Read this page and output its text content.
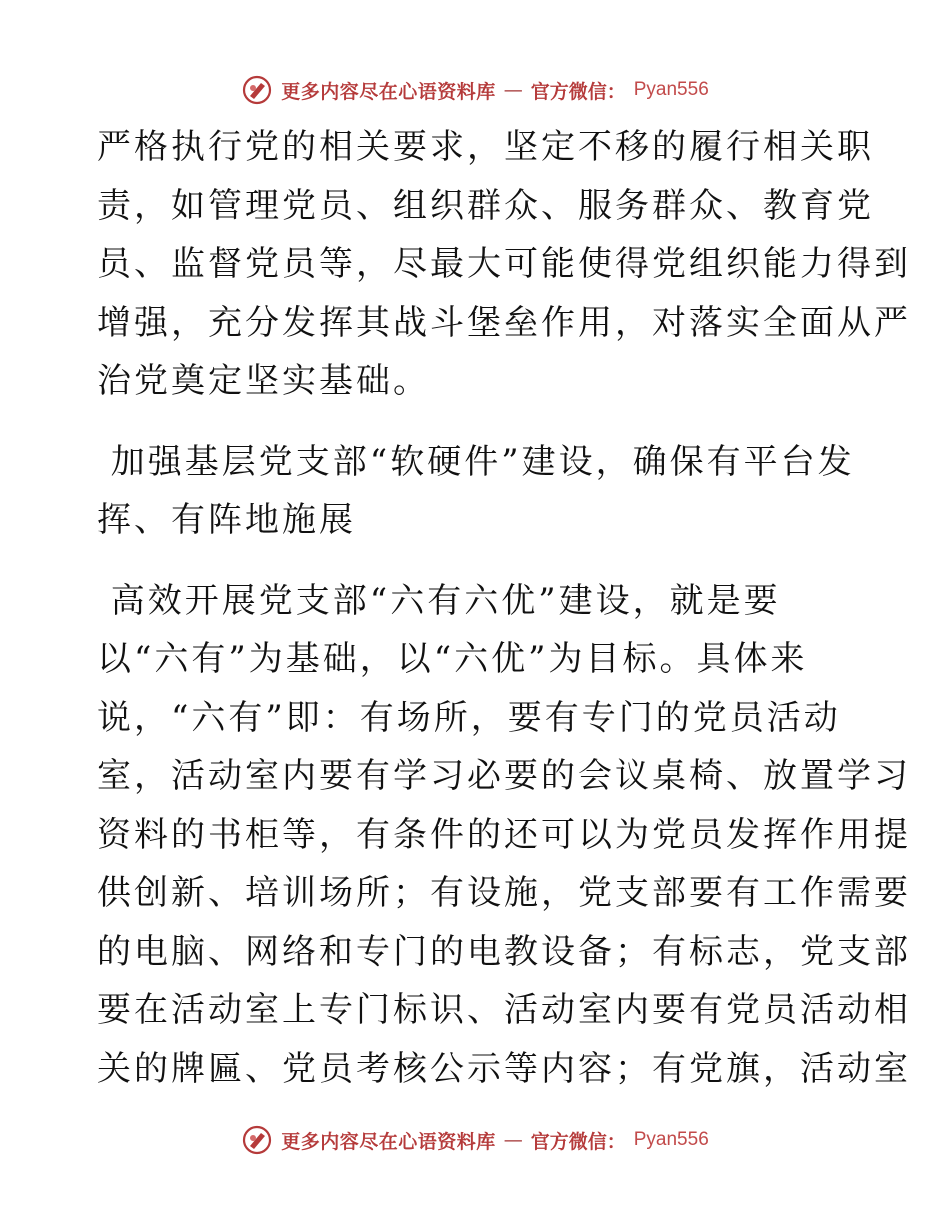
更多内容尽在心语资料库 — 官方微信： Pyan556

严格执行党的相关要求，坚定不移的履行相关职

责，如管理党员、组织群众、服务群众、教育党

员、监督党员等，尽最大可能使得党组织能力得到

增强，充分发挥其战斗堡垒作用，对落实全面从严

治党奠定坚实基础。

加强基层党支部“软硬件”建设，确保有平台发

挥、有阵地施展

高效开展党支部“六有六优”建设，就是要

以“六有”为基础，以“六优”为目标。具体来

说，“六有”即：有场所，要有专门的党员活动

室，活动室内要有学习必要的会议桌椅、放置学习

资料的书柜等，有条件的还可以为党员发挥作用提

供创新、培训场所；有设施，党支部要有工作需要

的电脑、网络和专门的电教设备；有标志，党支部

要在活动室上专门标识、活动室内要有党员活动相

关的牌匾、党员考核公示等内容；有党旗，活动室

更多内容尽在心语资料库 — 官方微信： Pyan556
